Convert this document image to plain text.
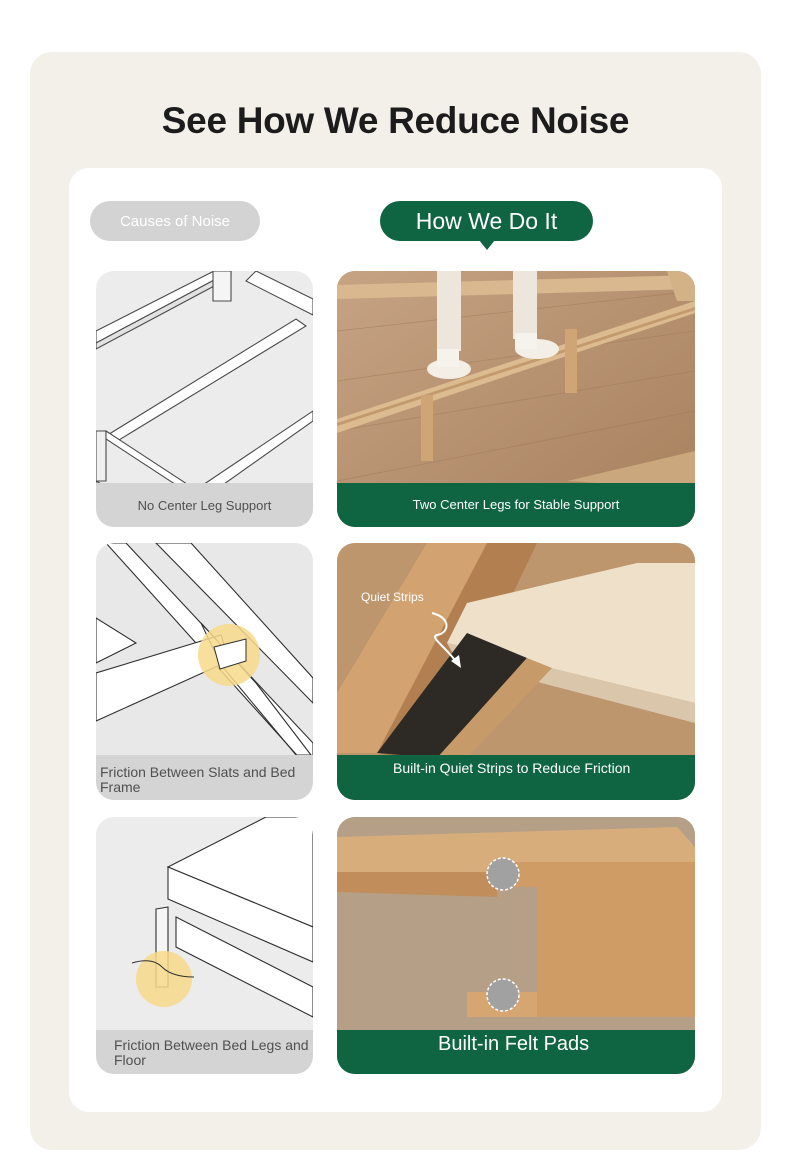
See How We Reduce Noise
Causes of Noise	How We Do It
No Center Leg Support	Two Center Legs for Stable Support
Friction Between Slats and Bed Frame
Quiet Strips
Built-in Quiet Strips to Reduce Friction
Friction Between Bed Legs and Floor
Built-in Felt Pads
